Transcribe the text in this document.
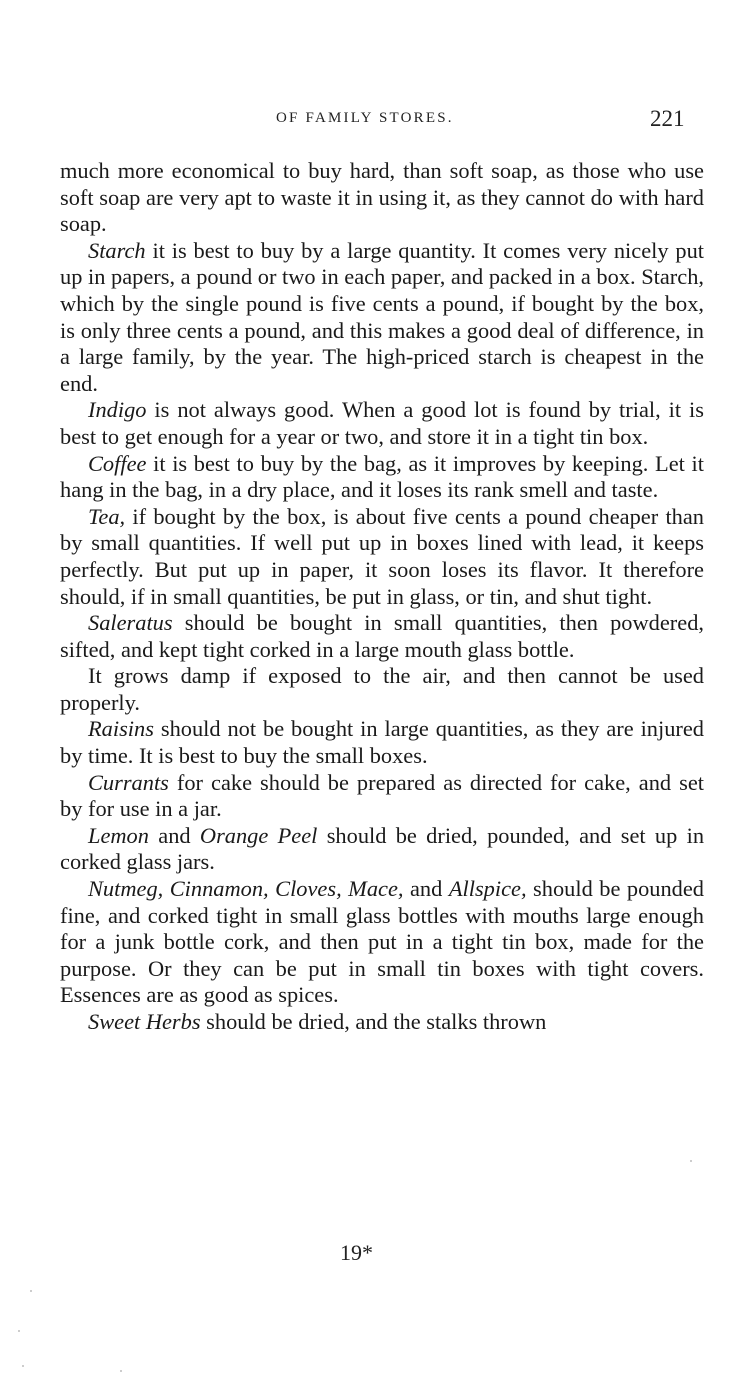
OF FAMILY STORES.	221

much more economical to buy hard, than soft soap, as those who use soft soap are very apt to waste it in using it, as they cannot do with hard soap.

Starch it is best to buy by a large quantity. It comes very nicely put up in papers, a pound or two in each paper, and packed in a box. Starch, which by the single pound is five cents a pound, if bought by the box, is only three cents a pound, and this makes a good deal of difference, in a large family, by the year. The high-priced starch is cheapest in the end.

Indigo is not always good. When a good lot is found by trial, it is best to get enough for a year or two, and store it in a tight tin box.

Coffee it is best to buy by the bag, as it improves by keeping. Let it hang in the bag, in a dry place, and it loses its rank smell and taste.

Tea, if bought by the box, is about five cents a pound cheaper than by small quantities. If well put up in boxes lined with lead, it keeps perfectly. But put up in paper, it soon loses its flavor. It therefore should, if in small quantities, be put in glass, or tin, and shut tight.

Saleratus should be bought in small quantities, then powdered, sifted, and kept tight corked in a large mouth glass bottle.

It grows damp if exposed to the air, and then cannot be used properly.

Raisins should not be bought in large quantities, as they are injured by time. It is best to buy the small boxes.

Currants for cake should be prepared as directed for cake, and set by for use in a jar.

Lemon and Orange Peel should be dried, pounded, and set up in corked glass jars.

Nutmeg, Cinnamon, Cloves, Mace, and Allspice, should be pounded fine, and corked tight in small glass bottles with mouths large enough for a junk bottle cork, and then put in a tight tin box, made for the purpose. Or they can be put in small tin boxes with tight covers. Essences are as good as spices.

Sweet Herbs should be dried, and the stalks thrown

19*
